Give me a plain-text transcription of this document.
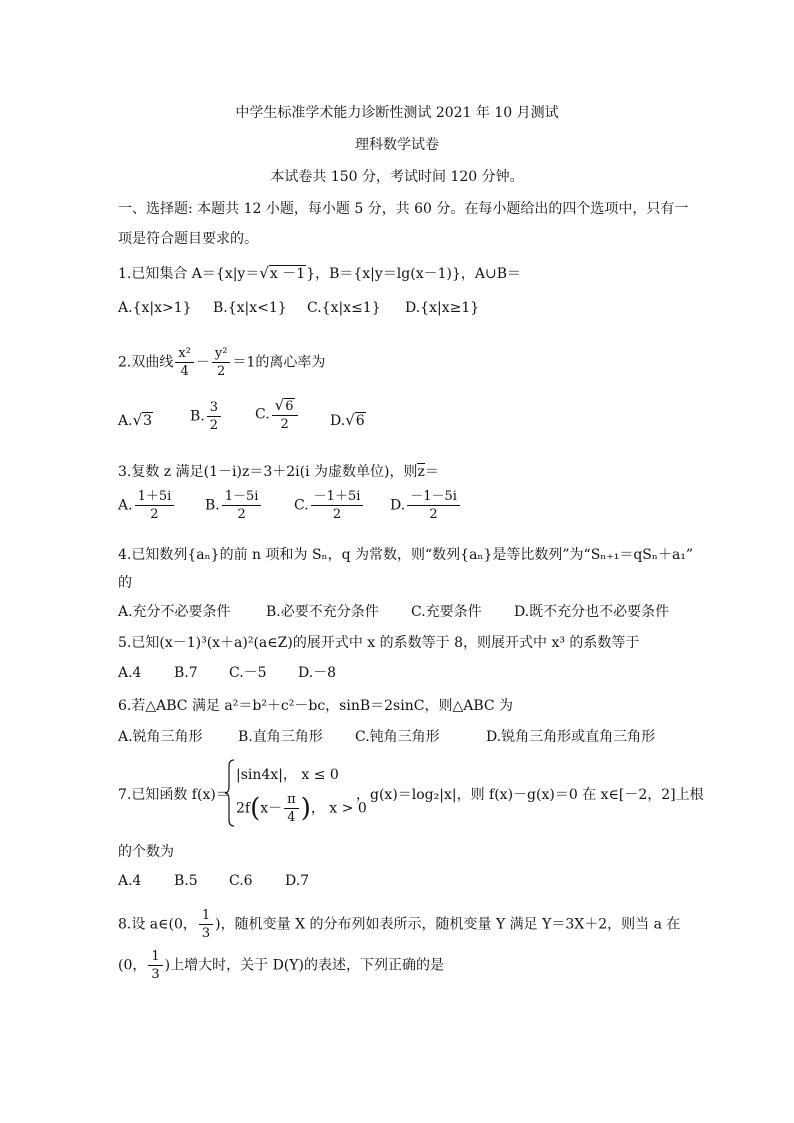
中学生标准学术能力诊断性测试 2021 年 10 月测试
理科数学试卷
本试卷共 150 分，考试时间 120 分钟。
一、选择题: 本题共 12 小题，每小题 5 分，共 60 分。在每小题给出的四个选项中，只有一
项是符合题目要求的。
1.已知集合 A＝{x|y＝√x －1}，B＝{x|y＝lg(x－1)}，A∪B＝
A.{x|x>1} B.{x|x<1} C.{x|x≤1} D.{x|x≥1}
2.双曲线 $\frac{\text{x²}}{4} - \frac{\text{y²}}{2} =1$的离心率为
A.√3	B. $\frac{3}{2} C$. $\frac{√6}{2} D.√6$
3.复数 z 满足(1－i)z＝3＋2i(i 为虚数单位)，则z＝
A. $\frac{1+5i}{2} B$. $\frac{1-5i}{2} C$. $\frac{-1+5i}{2} D$. $\frac{-1-5i}{2}$
4.已知数列{aₙ}的前 n 项和为 Sₙ，q 为常数，则“数列{aₙ}是等比数列”为“Sₙ₊₁＝qSₙ＋a₁”
的
A.充分不必要条件	B.必要不充分条件 C.充要条件 D.既不充分也不必要条件
5.已知(x－1)³(x＋a)²(a∈Z)的展开式中 x 的系数等于 8，则展开式中 x³ 的系数等于
A.4 B.7 C.－5 D.－8
6.若△ABC 满足 a²＝b²＋c²－bc，sinB＝2sinC，则△ABC 为
A.锐角三角形	B.直角三角形 C.钝角三角形	D.锐角三角形或直角三角形
7.已知函数 f(x)＝
|sin4x|， x ≤ 0
$2f(x- \frac{\pi}{4}$ )， x > 0
，g(x)＝log₂|x|，则 f(x)－g(x)＝0 在 x∈[－2，2]上根
的个数为
A.4 B.5 C.6 D.7
8.设 a∈(0， $\frac{1}{3}$ )，随机变量 X 的分布列如表所示，随机变量 Y 满足 Y＝3X＋2，则当 a 在
(0， $\frac{1}{3}$ )上增大时，关于 D(Y)的表述，下列正确的是
